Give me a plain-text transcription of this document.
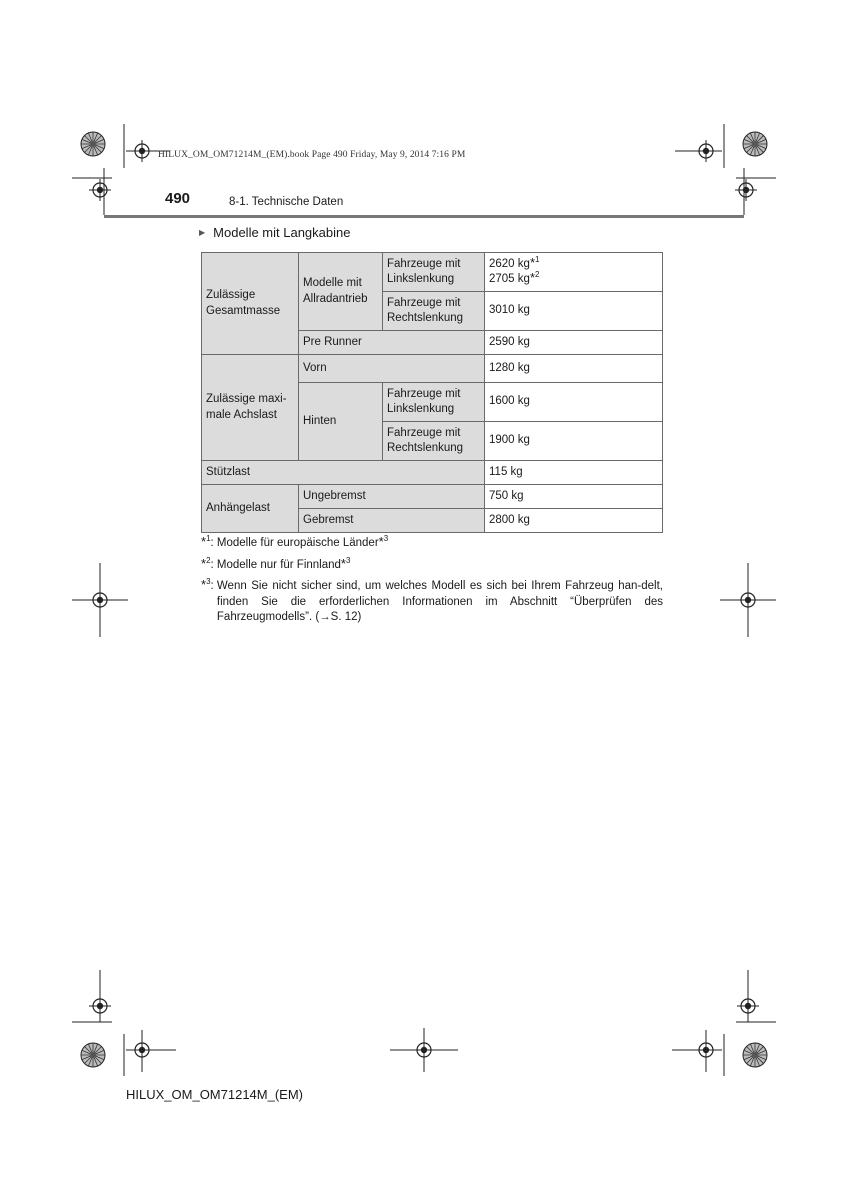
HILUX_OM_OM71214M_(EM).book Page 490 Friday, May 9, 2014 7:16 PM
490	8-1. Technische Daten
▶ Modelle mit Langkabine
Zulässige Gesamtmasse	Modelle mit Allradantrieb	Fahrzeuge mit Linkslenkung	2620 kg*$^1$
2705 kg*$^2$
		Fahrzeuge mit Rechtslenkung	3010 kg
	Pre Runner		2590 kg
Zulässige maxi-male Achslast	Vorn		1280 kg
	Hinten	Fahrzeuge mit Linkslenkung	1600 kg
		Fahrzeuge mit Rechtslenkung	1900 kg
Stützlast			115 kg
Anhängelast	Ungebremst		750 kg
	Gebremst		2800 kg
*$^1$: Modelle für europäische Länder*$^3$
*$^2$: Modelle nur für Finnland*$^3$
*$^3$: Wenn Sie nicht sicher sind, um welches Modell es sich bei Ihrem Fahrzeug han-delt, finden Sie die erforderlichen Informationen im Abschnitt “Überprüfen des Fahrzeugmodells”. (→S. 12)
HILUX_OM_OM71214M_(EM)
